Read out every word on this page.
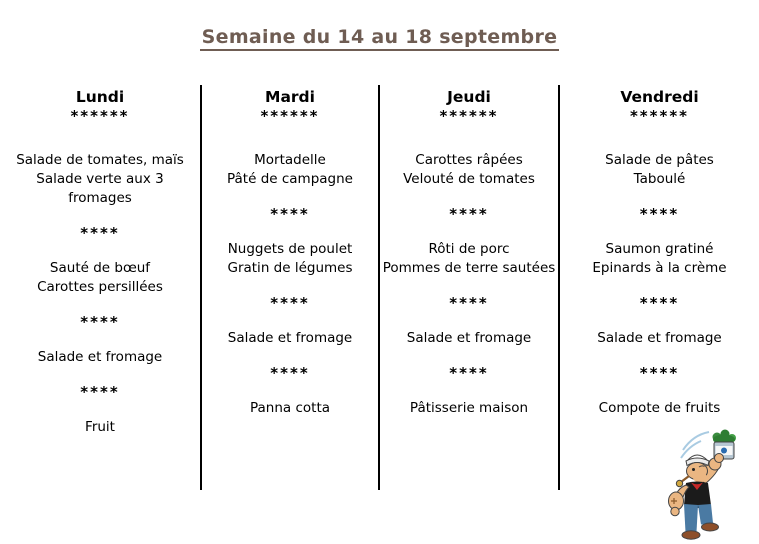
Semaine du 14 au 18 septembre
Lundi
******
Salade de tomates, maïs
Salade verte aux 3
fromages
****
Sauté de bœuf
Carottes persillées
****
Salade et fromage
****
Fruit
Mardi
******
Mortadelle
Pâté de campagne
****
Nuggets de poulet
Gratin de légumes
****
Salade et fromage
****
Panna cotta
Jeudi
******
Carottes râpées
Velouté de tomates
****
Rôti de porc
Pommes de terre sautées
****
Salade et fromage
****
Pâtisserie maison
Vendredi
******
Salade de pâtes
Taboulé
****
Saumon gratiné
Epinards à la crème
****
Salade et fromage
****
Compote de fruits
